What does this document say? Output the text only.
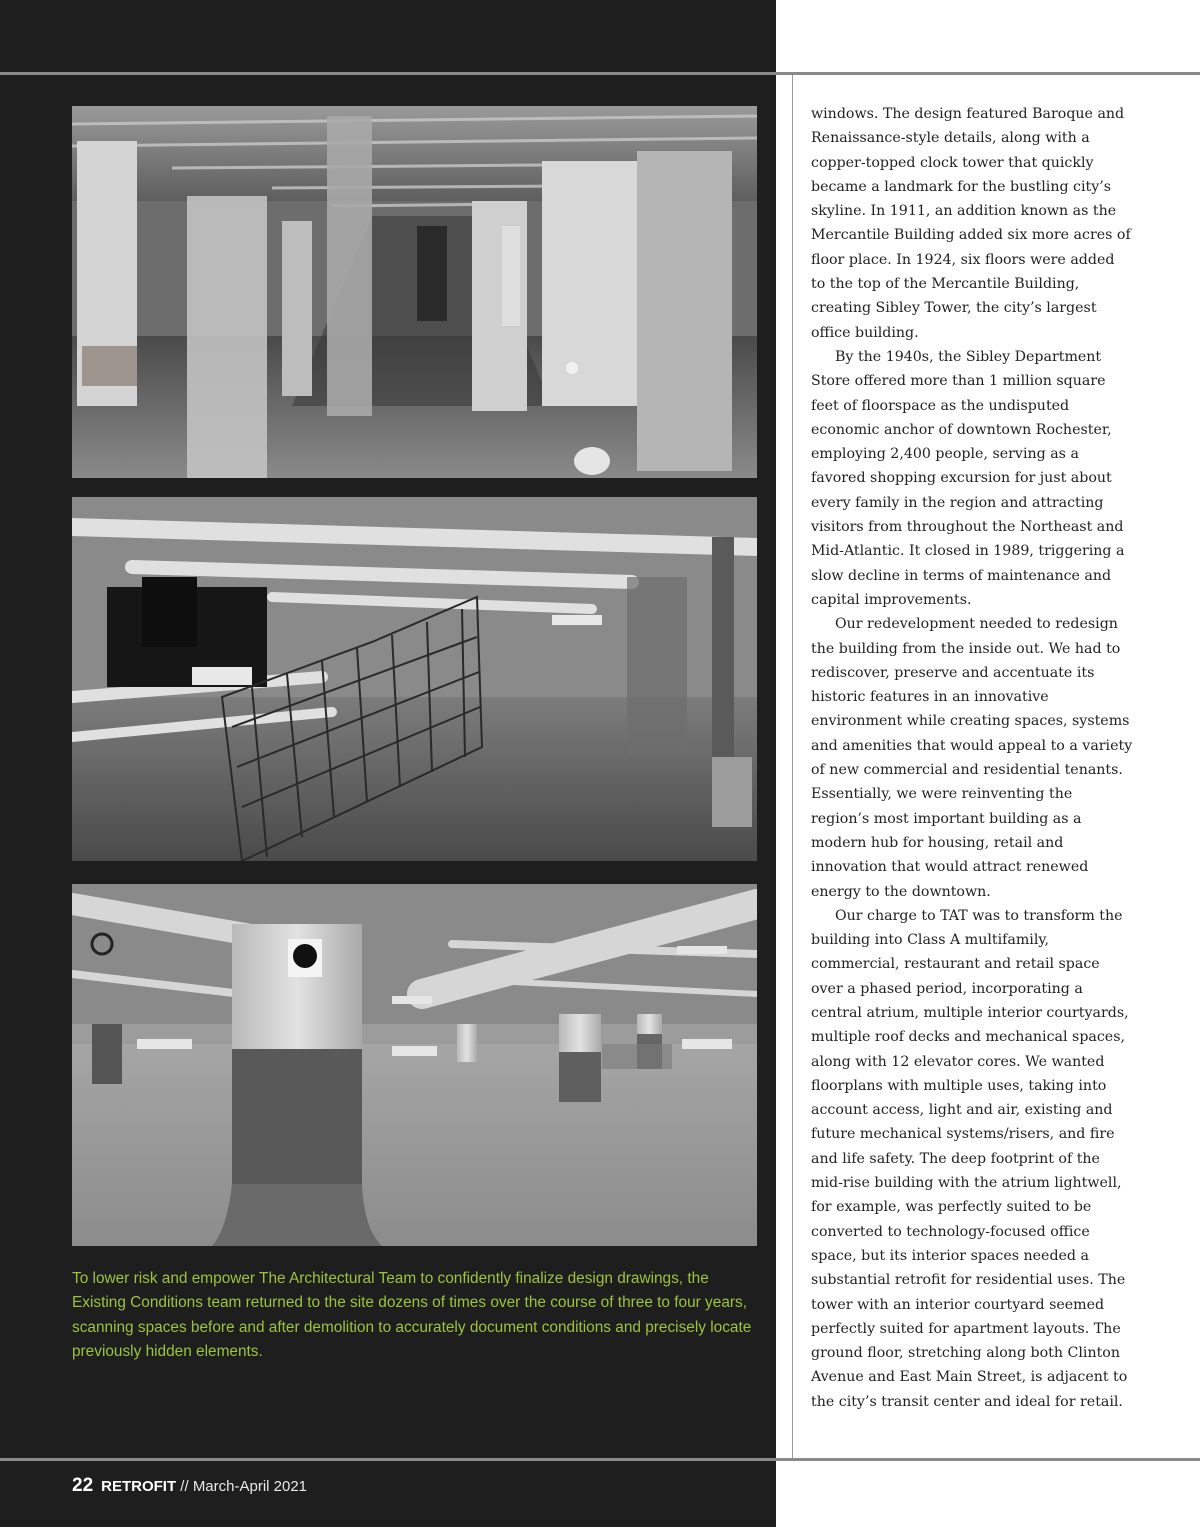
To lower risk and empower The Architectural Team to confidently finalize design drawings, the Existing Conditions team returned to the site dozens of times over the course of three to four years, scanning spaces before and after demolition to accurately document conditions and precisely locate previously hidden elements.

windows. The design featured Baroque and Renaissance-style details, along with a copper-topped clock tower that quickly became a landmark for the bustling city’s skyline. In 1911, an addition known as the Mercantile Building added six more acres of floor place. In 1924, six floors were added to the top of the Mercantile Building, creating Sibley Tower, the city’s largest office building.

By the 1940s, the Sibley Department Store offered more than 1 million square feet of floorspace as the undisputed economic anchor of downtown Rochester, employing 2,400 people, serving as a favored shopping excursion for just about every family in the region and attracting visitors from throughout the Northeast and Mid-Atlantic. It closed in 1989, triggering a slow decline in terms of maintenance and capital improvements.

Our redevelopment needed to redesign the building from the inside out. We had to rediscover, preserve and accentuate its historic features in an innovative environment while creating spaces, systems and amenities that would appeal to a variety of new commercial and residential tenants. Essentially, we were reinventing the region’s most important building as a modern hub for housing, retail and innovation that would attract renewed energy to the downtown.

Our charge to TAT was to transform the building into Class A multifamily, commercial, restaurant and retail space over a phased period, incorporating a central atrium, multiple interior courtyards, multiple roof decks and mechanical spaces, along with 12 elevator cores. We wanted floorplans with multiple uses, taking into account access, light and air, existing and future mechanical systems/risers, and fire and life safety. The deep footprint of the mid-rise building with the atrium lightwell, for example, was perfectly suited to be converted to technology-focused office space, but its interior spaces needed a substantial retrofit for residential uses. The tower with an interior courtyard seemed perfectly suited for apartment layouts. The ground floor, stretching along both Clinton Avenue and East Main Street, is adjacent to the city’s transit center and ideal for retail.

22 RETROFIT // March-April 2021
